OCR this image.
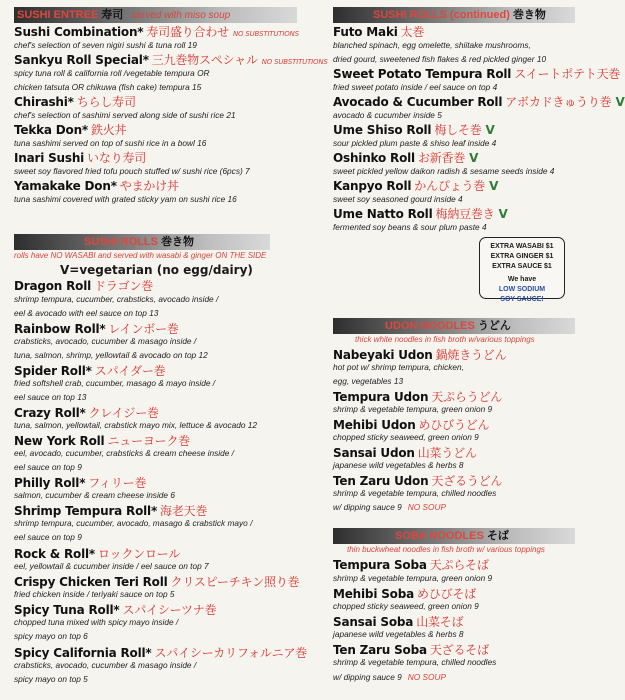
SUSHI ENTREE 寿司 served with miso soup
Sushi Combination* 寿司盛り合わせ NO SUBSTITUTIONS
chef's selection of seven nigiri sushi & tuna roll 19
Sankyu Roll Special* 三九巻物スペシャル NO SUBSTITUTIONS
spicy tuna roll & california roll /vegetable tempura OR
chicken tatsuta OR chikuwa (fish cake) tempura 15
Chirashi* ちらし寿司
chef's selection of sashimi served along side of sushi rice 21
Tekka Don* 鉄火丼
tuna sashimi served on top of sushi rice in a bowl 16
Inari Sushi いなり寿司
sweet soy flavored fried tofu pouch stuffed w/ sushi rice (6pcs) 7
Yamakake Don* やまかけ丼
tuna sashimi covered with grated sticky yam on sushi rice 16
SUSHI ROLLS 巻き物
rolls have NO WASABI and served with wasabi & ginger ON THE SIDE
V=vegetarian (no egg/dairy)
Dragon Roll ドラゴン巻
shrimp tempura, cucumber, crabsticks, avocado inside /
eel & avocado with eel sauce on top 13
Rainbow Roll* レインボー巻
crabsticks, avocado, cucumber & masago inside /
tuna, salmon, shrimp, yellowtail & avocado on top 12
Spider Roll* スパイダー巻
fried softshell crab, cucumber, masago & mayo inside /
eel sauce on top 13
Crazy Roll* クレイジー巻
tuna, salmon, yellowtail, crabstick mayo mix, lettuce & avocado 12
New York Roll ニューヨーク巻
eel, avocado, cucumber, crabsticks & cream cheese inside /
eel sauce on top 9
Philly Roll* フィリー巻
salmon, cucumber & cream cheese inside 6
Shrimp Tempura Roll* 海老天巻
shrimp tempura, cucumber, avocado, masago & crabstick mayo /
eel sauce on top 9
Rock & Roll* ロックンロール
eel, yellowtail & cucumber inside / eel sauce on top 7
Crispy Chicken Teri Roll クリスピーチキン照り巻
fried chicken inside / teriyaki sauce on top 5
Spicy Tuna Roll* スパイシーツナ巻
chopped tuna mixed with spicy mayo inside /
spicy mayo on top 6
Spicy California Roll* スパイシーカリフォルニア巻
crabsticks, avocado, cucumber & masago inside /
spicy mayo on top 5
SUSHI ROLLS (continued) 巻き物
Futo Maki 太巻
blanched spinach, egg omelette, shiitake mushrooms,
dried gourd, sweetened fish flakes & red pickled ginger 10
Sweet Potato Tempura Roll スイートポテト天巻
fried sweet potato inside / eel sauce on top 4
Avocado & Cucumber Roll アボカドきゅうり巻 V
avocado & cucumber inside 5
Ume Shiso Roll 梅しそ巻 V
sour pickled plum paste & shiso leaf inside 4
Oshinko Roll お新香巻 V
sweet pickled yellow daikon radish & sesame seeds inside 4
Kanpyo Roll かんぴょう巻 V
sweet soy seasoned gourd inside 4
Ume Natto Roll 梅納豆巻き V
fermented soy beans & sour plum paste 4
UDON NOODLES うどん
thick white noodles in fish broth w/various toppings
Nabeyaki Udon 鍋焼きうどん
hot pot w/ shrimp tempura, chicken,
egg, vegetables 13
Tempura Udon 天ぷらうどん
shrimp & vegetable tempura, green onion 9
Mehibi Udon めひびうどん
chopped sticky seaweed, green onion 9
Sansai Udon 山菜うどん
japanese wild vegetables & herbs 8
Ten Zaru Udon 天ざるうどん
shrimp & vegetable tempura, chilled noodles
w/ dipping sauce 9 NO SOUP
SOBA NOODLES そば
thin buckwheat noodles in fish broth w/ various toppings
Tempura Soba 天ぷらそば
shrimp & vegetable tempura, green onion 9
Mehibi Soba めひびそば
chopped sticky seaweed, green onion 9
Sansai Soba 山菜そば
japanese wild vegetables & herbs 8
Ten Zaru Soba 天ざるそば
shrimp & vegetable tempura, chilled noodles
w/ dipping sauce 9 NO SOUP
EXTRA WASABI $1
EXTRA GINGER $1
EXTRA SAUCE $1
We have
LOW SODIUM
SOY SAUCE!
